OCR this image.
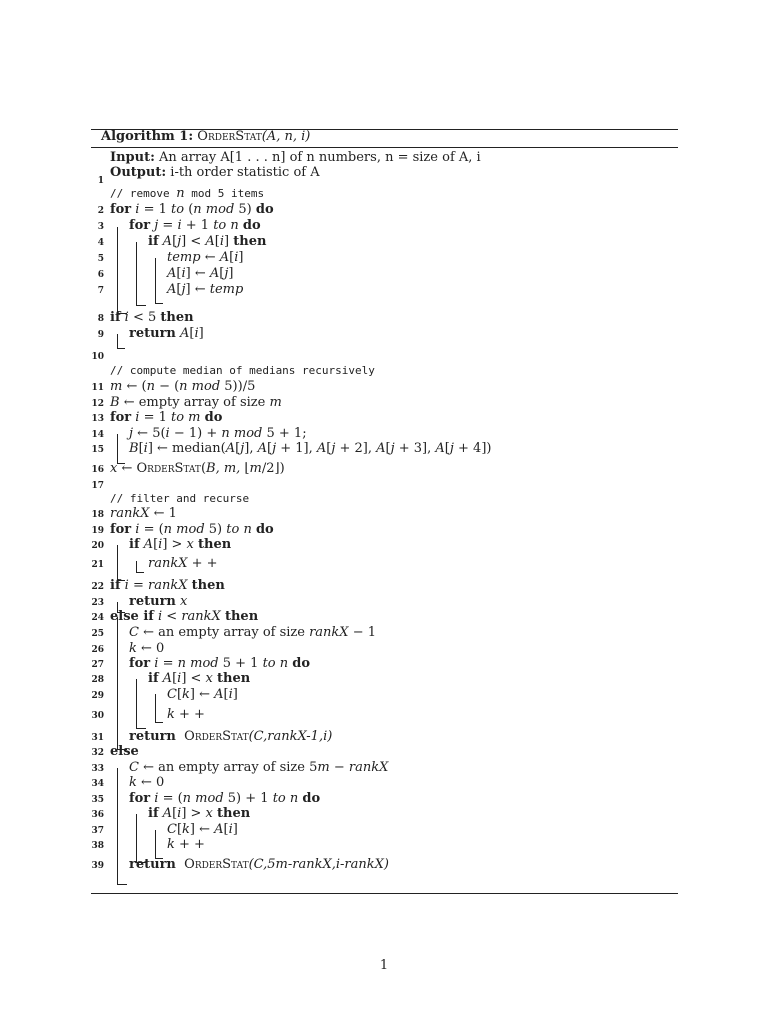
Algorithm 1: OrderStat(A, n, i)
Input: An array A[1 . . . n] of n numbers, n = size of A, i
Output: i-th order statistic of A
1
// remove n mod 5 items
2 for i = 1 to (n mod 5) do
3 for j = i + 1 to n do
4	if A[j] < A[i] then
5	temp ← A[i]
6	A[i] ← A[j]
7	A[j] ← temp
8 if i < 5 then
9 return A[i]
10
// compute median of medians recursively
11 m ← (n − (n mod 5))/5
12 B ← empty array of size m
13 for i = 1 to m do
14 j ← 5(i − 1) + n mod 5 + 1;
15 B[i] ← median(A[j], A[j + 1], A[j + 2], A[j + 3], A[j + 4])
16 x ← OrderStat(B, m, ⌊m/2⌋)
17
// filter and recurse
18 rankX ← 1
19 for i = (n mod 5) to n do
20 if A[i] > x then
21	rankX + +
22 if i = rankX then
23 return x
24 else if i < rankX then
25 C ← an empty array of size rankX − 1
26 k ← 0
27 for i = n mod 5 + 1 to n do
28	if A[i] < x then
29	C[k] ← A[i]
30	k + +
31 return OrderStat(C,rankX-1,i)
32 else
33 C ← an empty array of size 5m − rankX
34 k ← 0
35 for i = (n mod 5) + 1 to n do
36	if A[i] > x then
37	C[k] ← A[i]
38	k + +
39 return OrderStat(C,5m-rankX,i-rankX)
1
